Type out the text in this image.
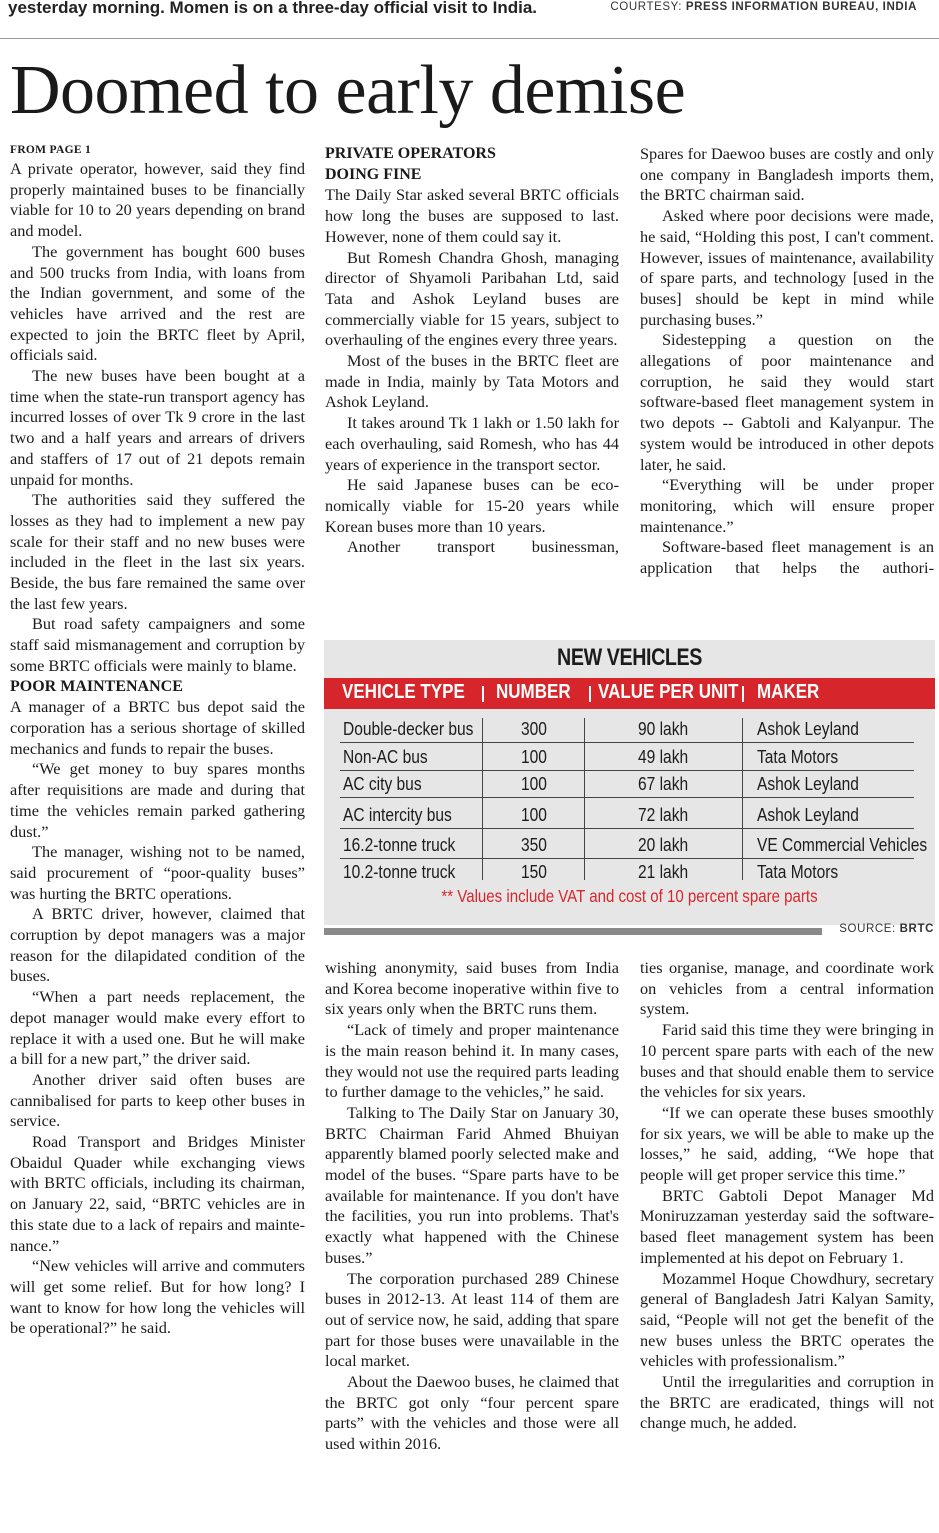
yesterday morning. Momen is on a three-day official visit to India.	COURTESY: PRESS INFORMATION BUREAU, INDIA
Doomed to early demise
FROM PAGE 1

A private operator, however, said they find properly maintained buses to be financially viable for 10 to 20 years depending on brand and model.

The government has bought 600 buses and 500 trucks from India, with loans from the Indian government, and some of the vehicles have arrived and the rest are expected to join the BRTC fleet by April, officials said.

The new buses have been bought at a time when the state-run transport agency has incurred losses of over Tk 9 crore in the last two and a half years and arrears of drivers and staffers of 17 out of 21 depots remain unpaid for months.

The authorities said they suffered the losses as they had to implement a new pay scale for their staff and no new buses were included in the fleet in the last six years. Beside, the bus fare remained the same over the last few years.

But road safety campaigners and some staff said mismanagement and corruption by some BRTC officials were mainly to blame.

POOR MAINTENANCE

A manager of a BRTC bus depot said the corporation has a serious shortage of skilled mechanics and funds to repair the buses.

“We get money to buy spares months after requisitions are made and during that time the vehicles remain parked gathering dust.”

The manager, wishing not to be named, said procurement of “poor-quality buses” was hurting the BRTC operations.

A BRTC driver, however, claimed that corruption by depot managers was a major reason for the dilapidated condition of the buses.

“When a part needs replacement, the depot manager would make every effort to replace it with a used one. But he will make a bill for a new part,” the driver said.

Another driver said often buses are cannibalised for parts to keep other buses in service.

Road Transport and Bridges Minister Obaidul Quader while exchanging views with BRTC officials, including its chairman, on January 22, said, “BRTC vehicles are in this state due to a lack of repairs and maintenance.”

“New vehicles will arrive and commuters will get some relief. But for how long? I want to know for how long the vehicles will be operational?” he said.

PRIVATE OPERATORS
DOING FINE

The Daily Star asked several BRTC officials how long the buses are supposed to last. However, none of them could say it.

But Romesh Chandra Ghosh, managing director of Shyamoli Paribahan Ltd, said Tata and Ashok Leyland buses are commercially viable for 15 years, subject to overhauling of the engines every three years.

Most of the buses in the BRTC fleet are made in India, mainly by Tata Motors and Ashok Leyland.

It takes around Tk 1 lakh or 1.50 lakh for each overhauling, said Romesh, who has 44 years of experience in the transport sector.

He said Japanese buses can be economically viable for 15-20 years while Korean buses more than 10 years.

Another transport businessman,

Spares for Daewoo buses are costly and only one company in Bangladesh imports them, the BRTC chairman said.

Asked where poor decisions were made, he said, “Holding this post, I can't comment. However, issues of maintenance, availability of spare parts, and technology [used in the buses] should be kept in mind while purchasing buses.”

Sidestepping a question on the allegations of poor maintenance and corruption, he said they would start software-based fleet management system in two depots -- Gabtoli and Kalyanpur. The system would be introduced in other depots later, he said.

“Everything will be under proper monitoring, which will ensure proper maintenance.”

Software-based fleet management is an application that helps the authori-

NEW VEHICLES
VEHICLE TYPE NUMBER VALUE PER UNIT MAKER
Double-decker bus	300	90 lakh	Ashok Leyland
Non-AC bus	100	49 lakh	Tata Motors
AC city bus	100	67 lakh	Ashok Leyland
AC intercity bus	100	72 lakh	Ashok Leyland
16.2-tonne truck	350	20 lakh	VE Commercial Vehicles
10.2-tonne truck	150	21 lakh	Tata Motors
** Values include VAT and cost of 10 percent spare parts
SOURCE: BRTC

wishing anonymity, said buses from India and Korea become inoperative within five to six years only when the BRTC runs them.

“Lack of timely and proper maintenance is the main reason behind it. In many cases, they would not use the required parts leading to further damage to the vehicles,” he said.

Talking to The Daily Star on January 30, BRTC Chairman Farid Ahmed Bhuiyan apparently blamed poorly selected make and model of the buses. “Spare parts have to be available for maintenance. If you don't have the facilities, you run into problems. That's exactly what happened with the Chinese buses.”

The corporation purchased 289 Chinese buses in 2012-13. At least 114 of them are out of service now, he said, adding that spare part for those buses were unavailable in the local market.

About the Daewoo buses, he claimed that the BRTC got only “four percent spare parts” with the vehicles and those were all used within 2016.

ties organise, manage, and coordinate work on vehicles from a central information system.

Farid said this time they were bringing in 10 percent spare parts with each of the new buses and that should enable them to service the vehicles for six years.

“If we can operate these buses smoothly for six years, we will be able to make up the losses,” he said, adding, “We hope that people will get proper service this time.”

BRTC Gabtoli Depot Manager Md Moniruzzaman yesterday said the software-based fleet management system has been implemented at his depot on February 1.

Mozammel Hoque Chowdhury, secretary general of Bangladesh Jatri Kalyan Samity, said, “People will not get the benefit of the new buses unless the BRTC operates the vehicles with professionalism.”

Until the irregularities and corruption in the BRTC are eradicated, things will not change much, he added.
